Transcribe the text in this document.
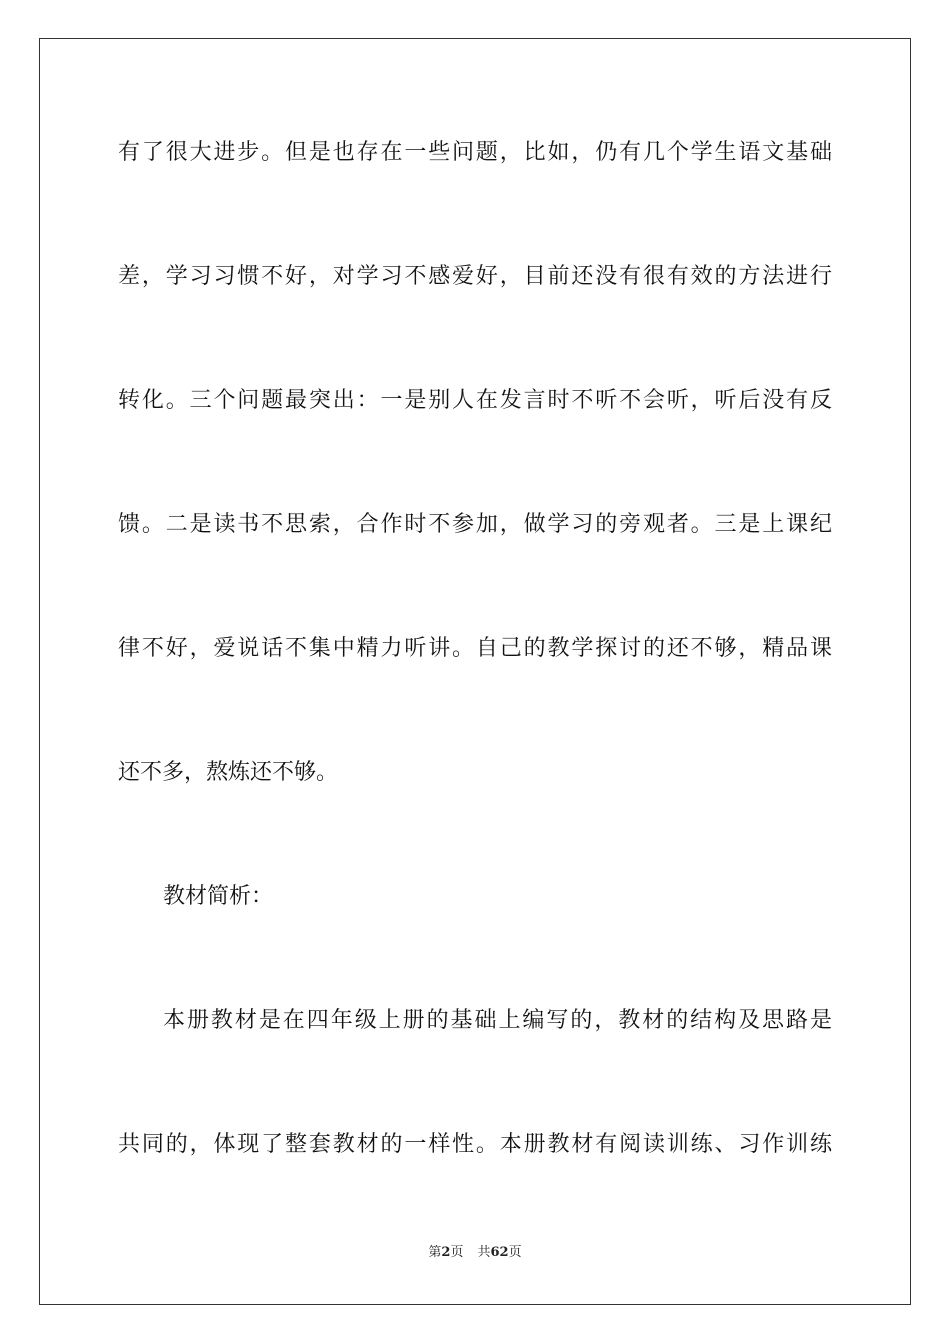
有了很大进步。但是也存在一些问题，比如，仍有几个学生语文基础
差，学习习惯不好，对学习不感爱好，目前还没有很有效的方法进行
转化。三个问题最突出：一是别人在发言时不听不会听，听后没有反
馈。二是读书不思索，合作时不参加，做学习的旁观者。三是上课纪
律不好，爱说话不集中精力听讲。自己的教学探讨的还不够，精品课
还不多，熬炼还不够。
教材简析：
本册教材是在四年级上册的基础上编写的，教材的结构及思路是
共同的，体现了整套教材的一样性。本册教材有阅读训练、习作训练
第2页 共62页
